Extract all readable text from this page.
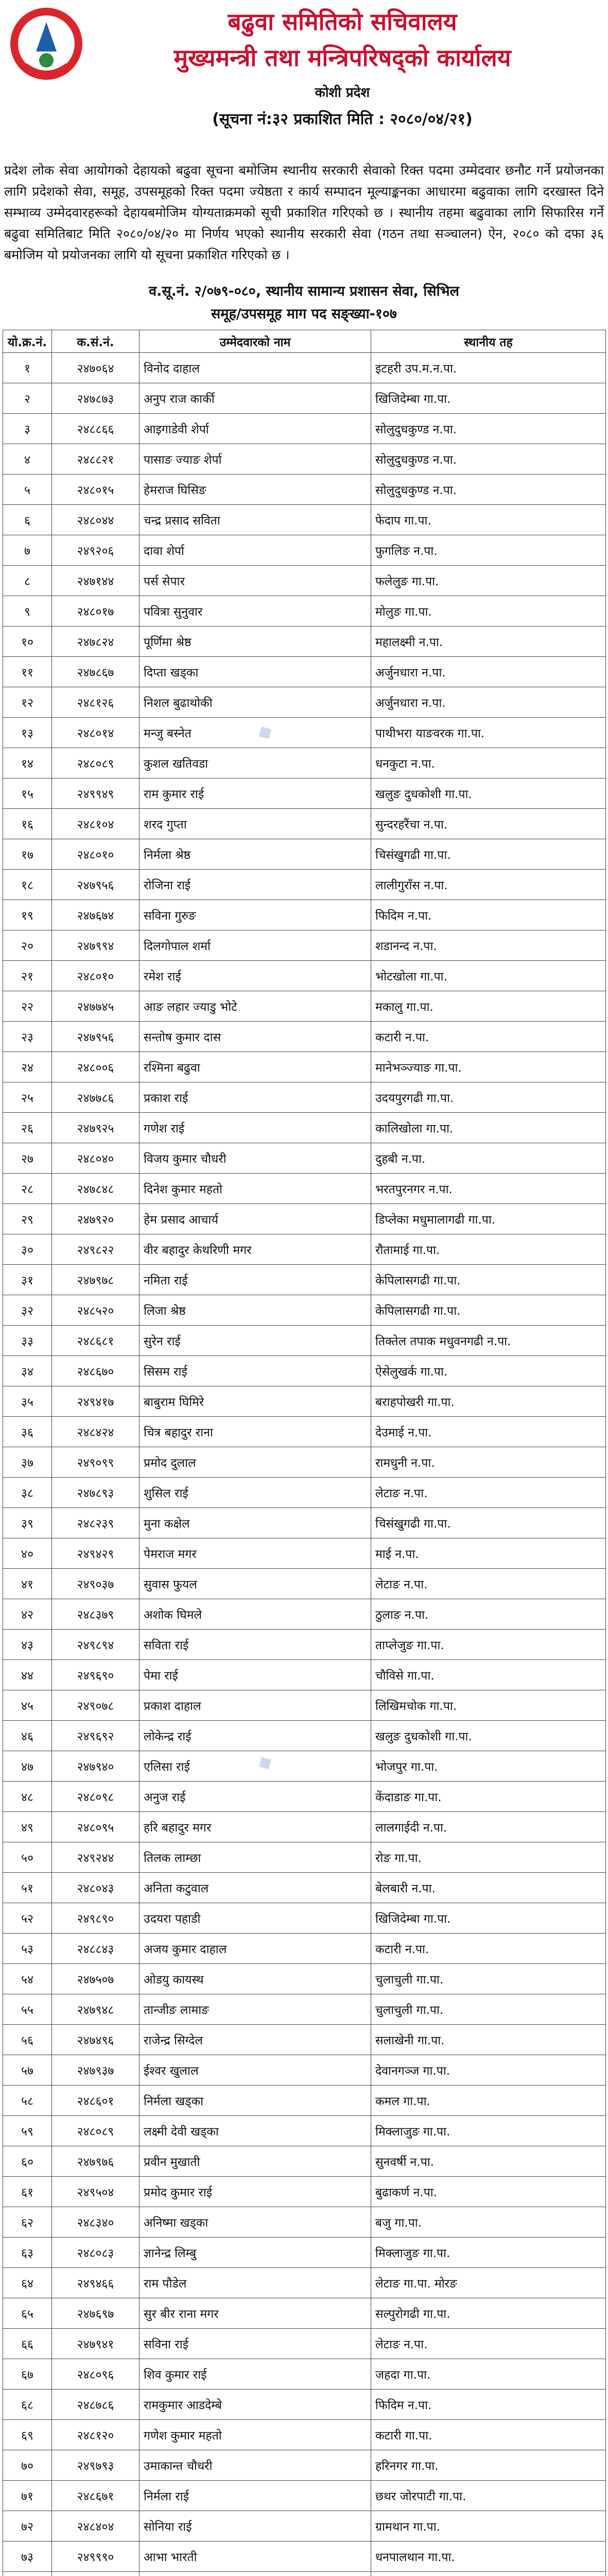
बढुवा समितिको सचिवालय
मुख्यमन्त्री तथा मन्त्रिपरिषद्को कार्यालय
कोशी प्रदेश
(सूचना नं:३२ प्रकाशित मिति : २०८०/०४/२१)
प्रदेश लोक सेवा आयोगको देहायको बढुवा सूचना बमोजिम स्थानीय सरकारी सेवाको रिक्त पदमा उम्मेदवार छनौट गर्ने प्रयोजनका लागि प्रदेशको सेवा, समूह, उपसमूहको रिक्त पदमा ज्येष्ठता र कार्य सम्पादन मूल्याङ्कनका आधारमा बढुवाका लागि दरखास्त दिने सम्भाव्य उम्मेदवारहरूको देहायबमोजिम योग्यताक्रमको सूची प्रकाशित गरिएको छ । स्थानीय तहमा बढुवाका लागि सिफारिस गर्ने बढुवा समितिबाट मिति २०८०/०४/२० मा निर्णय भएको स्थानीय सरकारी सेवा (गठन तथा सञ्चालन) ऐन, २०८० को दफा ३६ बमोजिम यो प्रयोजनका लागि यो सूचना प्रकाशित गरिएको छ ।
व.सू.नं. २/०७९-०८०, स्थानीय सामान्य प्रशासन सेवा, सिभिल
समूह/उपसमूह माग पद सङ्ख्या-१०७
यो.क्र.नं.	क.सं.नं.	उम्मेदवारको नाम	स्थानीय तह
१	२४७०६४	विनोद दाहाल	इटहरी उप.म.न.पा.
२	२४७८७३	अनुप राज कार्की	खिजिदेम्बा गा.पा.
३	२४८८६६	आइगाडेवी शेर्पा	सोलुदुधकुण्ड न.पा.
४	२४८८२१	पासाङ ज्याङ शेर्पा	सोलुदुधकुण्ड न.पा.
५	२४८०१५	हेमराज घिसिङ	सोलुदुधकुण्ड न.पा.
६	२४८०४४	चन्द्र प्रसाद सविता	फेदाप गा.पा.
७	२४९२०६	दावा शेर्पा	फुगलिङ न.पा.
८	२४७१४४	पर्स सेपार	फलेलुङ गा.पा.
९	२४८०१७	पवित्रा सुनुवार	मोलुङ गा.पा.
१०	२४७८२४	पूर्णिमा श्रेष्ठ	महालक्ष्मी न.पा.
११	२४७८६७	दिप्ता खड्का	अर्जुनधारा न.पा.
१२	२४८१२६	निशल बुढाथोकी	अर्जुनधारा न.पा.
१३	२४८०१४	मन्जु बस्नेत	पाथीभरा याङवरक गा.पा.
१४	२४८०८९	कुशल खतिवडा	धनकुटा न.पा.
१५	२४९९४९	राम कुमार राई	खलुङ दुधकोशी गा.पा.
१६	२४८१०४	शरद गुप्ता	सुन्दरहरैंचा न.पा.
१७	२४८०१०	निर्मला श्रेष्ठ	चिसंखुगढी गा.पा.
१८	२४७९५६	रोजिना राई	लालीगुराँस न.पा.
१९	२४७६७४	सविना गुरुङ	फिदिम न.पा.
२०	२४७९९४	दिलगोपाल शर्मा	शडानन्द न.पा.
२१	२४८०१०	रमेश राई	भोटखोला गा.पा.
२२	२४७७४५	आङ लहार ज्याडु भोटे	मकालु गा.पा.
२३	२४७९५६	सन्तोष कुमार दास	कटारी न.पा.
२४	२४८००६	रश्मिना बढुवा	मानेभञ्ज्याङ गा.पा.
२५	२४७७८६	प्रकाश राई	उदयपुरगढी गा.पा.
२६	२४७९२५	गणेश राई	कालिखोला गा.पा.
२७	२४८०४०	विजय कुमार चौधरी	दुहबी न.पा.
२८	२४७८४८	दिनेश कुमार महतो	भरतपुरनगर न.पा.
२९	२४७९२०	हेम प्रसाद आचार्य	डिप्लेका मधुमालागढी गा.पा.
३०	२४९८२२	वीर बहादुर केथरिणी मगर	रौतामाई गा.पा.
३१	२४७९७८	नमिता राई	केपिलासगढी गा.पा.
३२	२४८५२०	लिजा श्रेष्ठ	केपिलासगढी गा.पा.
३३	२४८६८१	सुरेन राई	तिक्तेल तपाक मधुवनगढी न.पा.
३४	२४८६७०	सिसम राई	ऐसेलुखर्क गा.पा.
३५	२४९४१७	बाबुराम घिमिरे	बराहपोखरी गा.पा.
३६	२४८४२४	चित्र बहादुर राना	देउमाई न.पा.
३७	२४९०९९	प्रमोद दुलाल	रामधुनी न.पा.
३८	२४७८९३	शुसिल राई	लेटाङ न.पा.
३९	२४८२३९	मुना कक्षेल	चिसंखुगढी गा.पा.
४०	२४९४२९	पेमराज मगर	माई न.पा.
४१	२४९०३७	सुवास फुयल	लेटाङ न.पा.
४२	२४८३७९	अशोक घिमले	ठुलाङ न.पा.
४३	२४९८९४	सविता राई	ताप्लेजुङ गा.पा.
४४	२४९६९०	पेमा राई	चौविसे गा.पा.
४५	२४९०७८	प्रकाश दाहाल	लिखिमचोक गा.पा.
४६	२४९६९२	लोकेन्द्र राई	खलुङ दुधकोशी गा.पा.
४७	२४७९४०	एलिसा राई	भोजपुर गा.पा.
४८	२४८०९८	अनुज राई	केंदाडाङ गा.पा.
४९	२४८०९५	हरि बहादुर मगर	लालगाईदी न.पा.
५०	२४९२४४	तिलक लाम्छा	रोङ गा.पा.
५१	२४८०४३	अनिता कटुवाल	बेलबारी न.पा.
५२	२४९८९०	उदयरा पहाडी	खिजिदेम्बा गा.पा.
५३	२४८८४३	अजय कुमार दाहाल	कटारी न.पा.
५४	२४७५०७	ओडयु कायस्थ	चुलाचुली गा.पा.
५५	२४७९४८	तान्जीङ लामाङ	चुलाचुली गा.पा.
५६	२४७४९६	राजेन्द्र सिग्देल	सलाखेनी गा.पा.
५७	२४७९३७	ईश्वर खुलाल	देवानगञ्ज गा.पा.
५८	२४८६०१	निर्मला खड्का	कमल गा.पा.
५९	२४८०८९	लक्ष्मी देवी खड्का	मिक्लाजुङ गा.पा.
६०	२४७९७६	प्रवीन मुखाती	सुनवर्षी न.पा.
६१	२४९५०४	प्रमोद कुमार राई	बुढाकर्ण न.पा.
६२	२४८३४०	अनिष्मा खड्का	बजु गा.पा.
६३	२४८०८३	ज्ञानेन्द्र लिम्बु	मिक्लाजुङ गा.पा.
६४	२४९४६६	राम पौडेल	लेटाङ गा.पा. मोरङ
६५	२४७६९७	सुर बीर राना मगर	सल्पुरोगढी गा.पा.
६६	२४७९४१	सविना राई	लेटाङ न.पा.
६७	२४८०९६	शिव कुमार राई	जहदा गा.पा.
६८	२४८७८६	रामकुमार आडदेम्बे	फिदिम न.पा.
६९	२४८१२०	गणेश कुमार महतो	कटारी गा.पा.
७०	२४९७९३	उमाकान्त चौधरी	हरिनगर गा.पा.
७१	२४८६७१	निर्मला राई	छथर जोरपाटी गा.पा.
७२	२४८४०४	सोनिया राई	ग्रामथान गा.पा.
७३	२४९९९०	आभा भारती	धनपालथान गा.पा.

◆
◆
